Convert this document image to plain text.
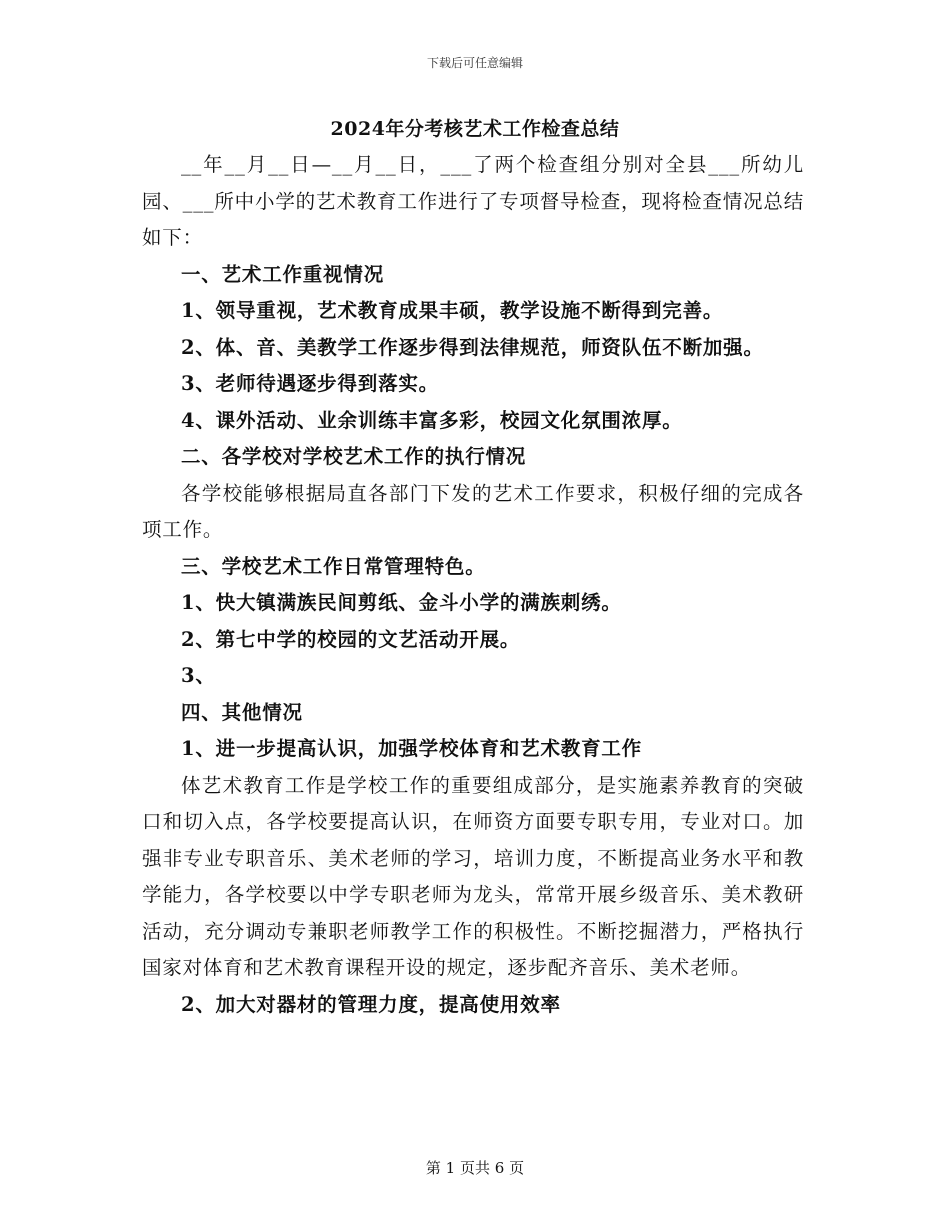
下载后可任意编辑
2024年分考核艺术工作检查总结

__年__月__日—__月__日，___了两个检查组分别对全县___所幼儿园、___所中小学的艺术教育工作进行了专项督导检查，现将检查情况总结如下：

一、艺术工作重视情况

1、领导重视，艺术教育成果丰硕，教学设施不断得到完善。

2、体、音、美教学工作逐步得到法律规范，师资队伍不断加强。

3、老师待遇逐步得到落实。

4、课外活动、业余训练丰富多彩，校园文化氛围浓厚。

二、各学校对学校艺术工作的执行情况

各学校能够根据局直各部门下发的艺术工作要求，积极仔细的完成各项工作。

三、学校艺术工作日常管理特色。

1、快大镇满族民间剪纸、金斗小学的满族刺绣。

2、第七中学的校园的文艺活动开展。

3、

四、其他情况

1、进一步提高认识，加强学校体育和艺术教育工作

体艺术教育工作是学校工作的重要组成部分，是实施素养教育的突破口和切入点，各学校要提高认识，在师资方面要专职专用，专业对口。加强非专业专职音乐、美术老师的学习，培训力度，不断提高业务水平和教学能力，各学校要以中学专职老师为龙头，常常开展乡级音乐、美术教研活动，充分调动专兼职老师教学工作的积极性。不断挖掘潜力，严格执行国家对体育和艺术教育课程开设的规定，逐步配齐音乐、美术老师。

2、加大对器材的管理力度，提高使用效率

第 1 页共 6 页
